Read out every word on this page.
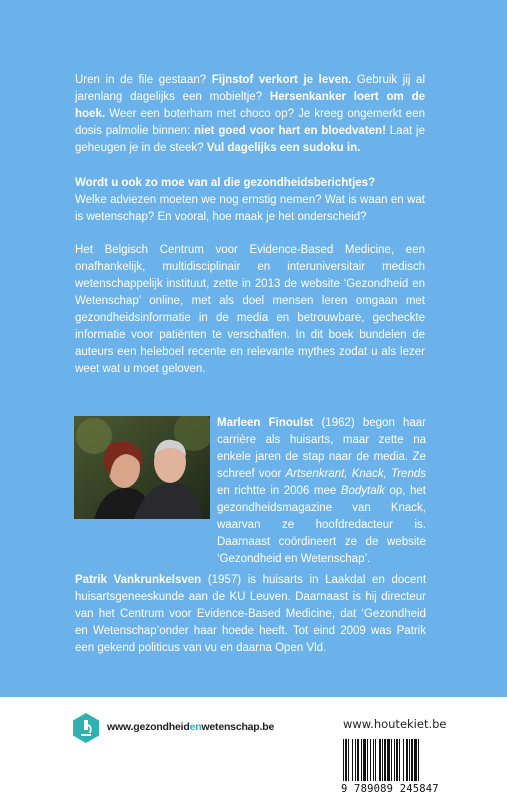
Uren in de file gestaan? Fijnstof verkort je leven. Gebruik jij al jarenlang dagelijks een mobieltje? Hersenkanker loert om de hoek. Weer een boterham met choco op? Je kreeg ongemerkt een dosis palmolie binnen: niet goed voor hart en bloedvaten! Laat je geheugen je in de steek? Vul dagelijks een sudoku in.

Wordt u ook zo moe van al die gezondheidsberichtjes?
Welke adviezen moeten we nog ernstig nemen? Wat is waan en wat is wetenschap? En vooral, hoe maak je het onderscheid?

Het Belgisch Centrum voor Evidence-Based Medicine, een onafhankelijk, multidisciplinair en interuniversitair medisch wetenschappelijk instituut, zette in 2013 de website ‘Gezondheid en Wetenschap’ online, met als doel mensen leren omgaan met gezondheidsinformatie in de media en betrouwbare, gecheckte informatie voor patiënten te verschaffen. In dit boek bundelen de auteurs een heleboel recente en relevante mythes zodat u als lezer weet wat u moet geloven.

Marleen Finoulst (1962) begon haar carrière als huisarts, maar zette na enkele jaren de stap naar de media. Ze schreef voor Artsenkrant, Knack, Trends en richtte in 2006 mee Bodytalk op, het gezondheidsmagazine van Knack, waarvan ze hoofdredacteur is. Daarnaast coördineert ze de website ‘Gezondheid en Wetenschap’.

Patrik Vankrunkelsven (1957) is huisarts in Laakdal en docent huisartsgeneeskunde aan de KU Leuven. Daarnaast is hij directeur van het Centrum voor Evidence-Based Medicine, dat ‘Gezondheid en Wetenschap’onder haar hoede heeft. Tot eind 2009 was Patrik een gekend politicus van vu en daarna Open Vld.

www.gezondheidenwetenschap.be	www.houtekiet.be
9 789089 245847
